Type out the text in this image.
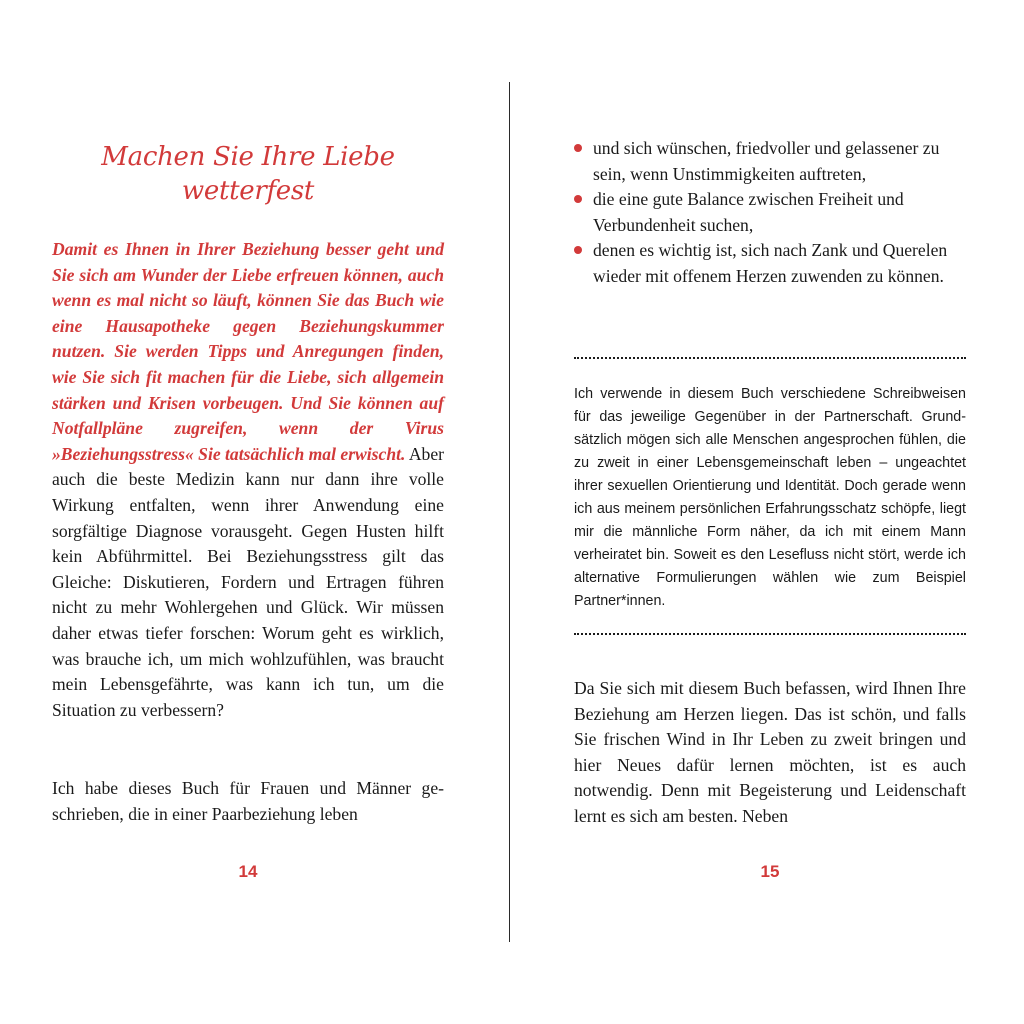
Machen Sie Ihre Liebe
wetterfest

Damit es Ihnen in Ihrer Beziehung besser geht und Sie sich am Wunder der Liebe erfreuen können, auch wenn es mal nicht so läuft, können Sie das Buch wie eine Hausapotheke gegen Beziehungskummer nutzen. Sie werden Tipps und Anregungen finden, wie Sie sich fit machen für die Liebe, sich allgemein stärken und Krisen vorbeugen. Und Sie können auf Notfallpläne zugreifen, wenn der Virus »Beziehungsstress« Sie tatsächlich mal erwischt. Aber auch die beste Medizin kann nur dann ihre volle Wirkung entfalten, wenn ihrer Anwendung eine sorgfältige Diagnose vorausgeht. Gegen Husten hilft kein Abführmittel. Bei Beziehungsstress gilt das Gleiche: Diskutieren, Fordern und Ertragen führen nicht zu mehr Wohlergehen und Glück. Wir müssen daher etwas tiefer forschen: Worum geht es wirklich, was brauche ich, um mich wohlzufühlen, was braucht mein Lebensgefährte, was kann ich tun, um die Situation zu verbessern?

Ich habe dieses Buch für Frauen und Männer geschrieben, die in einer Paarbeziehung leben

14
und sich wünschen, friedvoller und gelassener zu sein, wenn Unstimmigkeiten auftreten,
die eine gute Balance zwischen Freiheit und Verbundenheit suchen,
denen es wichtig ist, sich nach Zank und Querelen wieder mit offenem Herzen zuwenden zu können.

Ich verwende in diesem Buch verschiedene Schreibweisen für das jeweilige Gegenüber in der Partnerschaft. Grundsätzlich mögen sich alle Menschen angesprochen fühlen, die zu zweit in einer Lebensgemeinschaft leben – ungeachtet ihrer sexuellen Orientierung und Identität. Doch gerade wenn ich aus meinem persönlichen Erfahrungsschatz schöpfe, liegt mir die männliche Form näher, da ich mit einem Mann verheiratet bin. Soweit es den Lesefluss nicht stört, werde ich alternative Formulierungen wählen wie zum Beispiel Partner*innen.

Da Sie sich mit diesem Buch befassen, wird Ihnen Ihre Beziehung am Herzen liegen. Das ist schön, und falls Sie frischen Wind in Ihr Leben zu zweit bringen und hier Neues dafür lernen möchten, ist es auch notwendig. Denn mit Begeisterung und Leidenschaft lernt es sich am besten. Neben

15
